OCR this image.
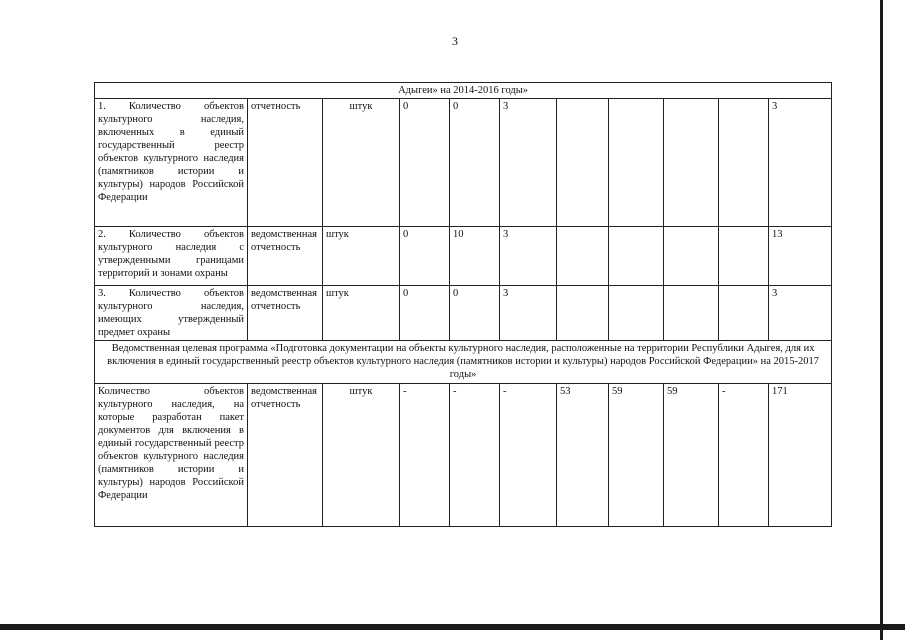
3
Адыгеи» на 2014-2016 годы»										
1. Количество объектов культурного наследия, включенных в единый государственный реестр объектов культурного наследия (памятников истории и культуры) народов Российской Федерации	отчетность	штук	0	0	3					3
2. Количество объектов культурного наследия с утвержденными границами территорий и зонами охраны	ведомственная отчетность	штук	0	10	3					13
3. Количество объектов культурного наследия, имеющих утвержденный предмет охраны	ведомственная отчетность	штук	0	0	3					3
Ведомственная целевая программа «Подготовка документации на объекты культурного наследия, расположенные на территории Республики Адыгея, для их включения в единый государственный реестр объектов культурного наследия (памятников истории и культуры) народов Российской Федерации» на 2015-2017 годы»										
Количество объектов культурного наследия, на которые разработан пакет документов для включения в единый государственный реестр объектов культурного наследия (памятников истории и культуры) народов Российской Федерации	ведомственная отчетность	штук	-	-	-	53	59	59	-	171
